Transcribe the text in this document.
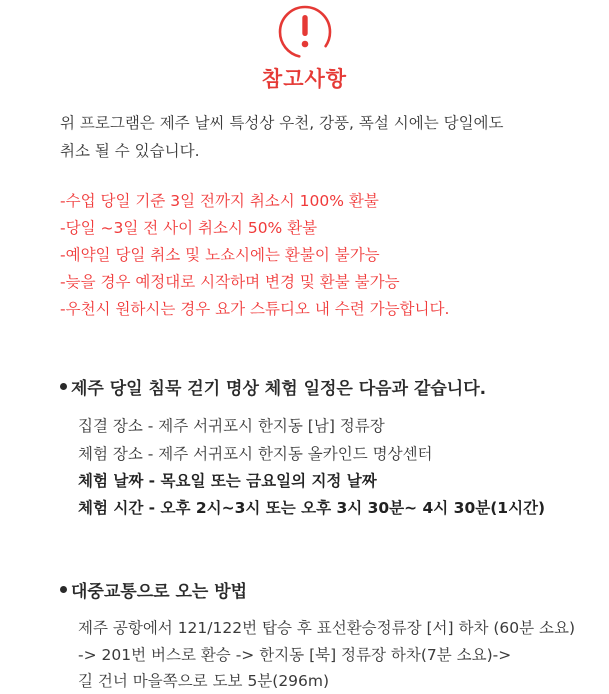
참고사항
위 프로그램은 제주 날씨 특성상 우천, 강풍, 폭설 시에는 당일에도
취소 될 수 있습니다.
-수업 당일 기준 3일 전까지 취소시 100% 환불
-당일 ~3일 전 사이 취소시 50% 환불
-예약일 당일 취소 및 노쇼시에는 환불이 불가능
-늦을 경우 예정대로 시작하며 변경 및 환불 불가능
-우천시 원하시는 경우 요가 스튜디오 내 수련 가능합니다.
제주 당일 침묵 걷기 명상 체험 일정은 다음과 같습니다.
집결 장소 - 제주 서귀포시 한지동 [남] 정류장
체험 장소 - 제주 서귀포시 한지동 올카인드 명상센터
체험 날짜 - 목요일 또는 금요일의 지정 날짜
체험 시간 - 오후 2시~3시 또는 오후 3시 30분~ 4시 30분(1시간)
대중교통으로 오는 방법
제주 공항에서 121/122번 탑승 후 표선환승정류장 [서] 하차 (60분 소요)
-> 201번 버스로 환승 -> 한지동 [북] 정류장 하차(7분 소요)->
길 건너 마을쪽으로 도보 5분(296m)
